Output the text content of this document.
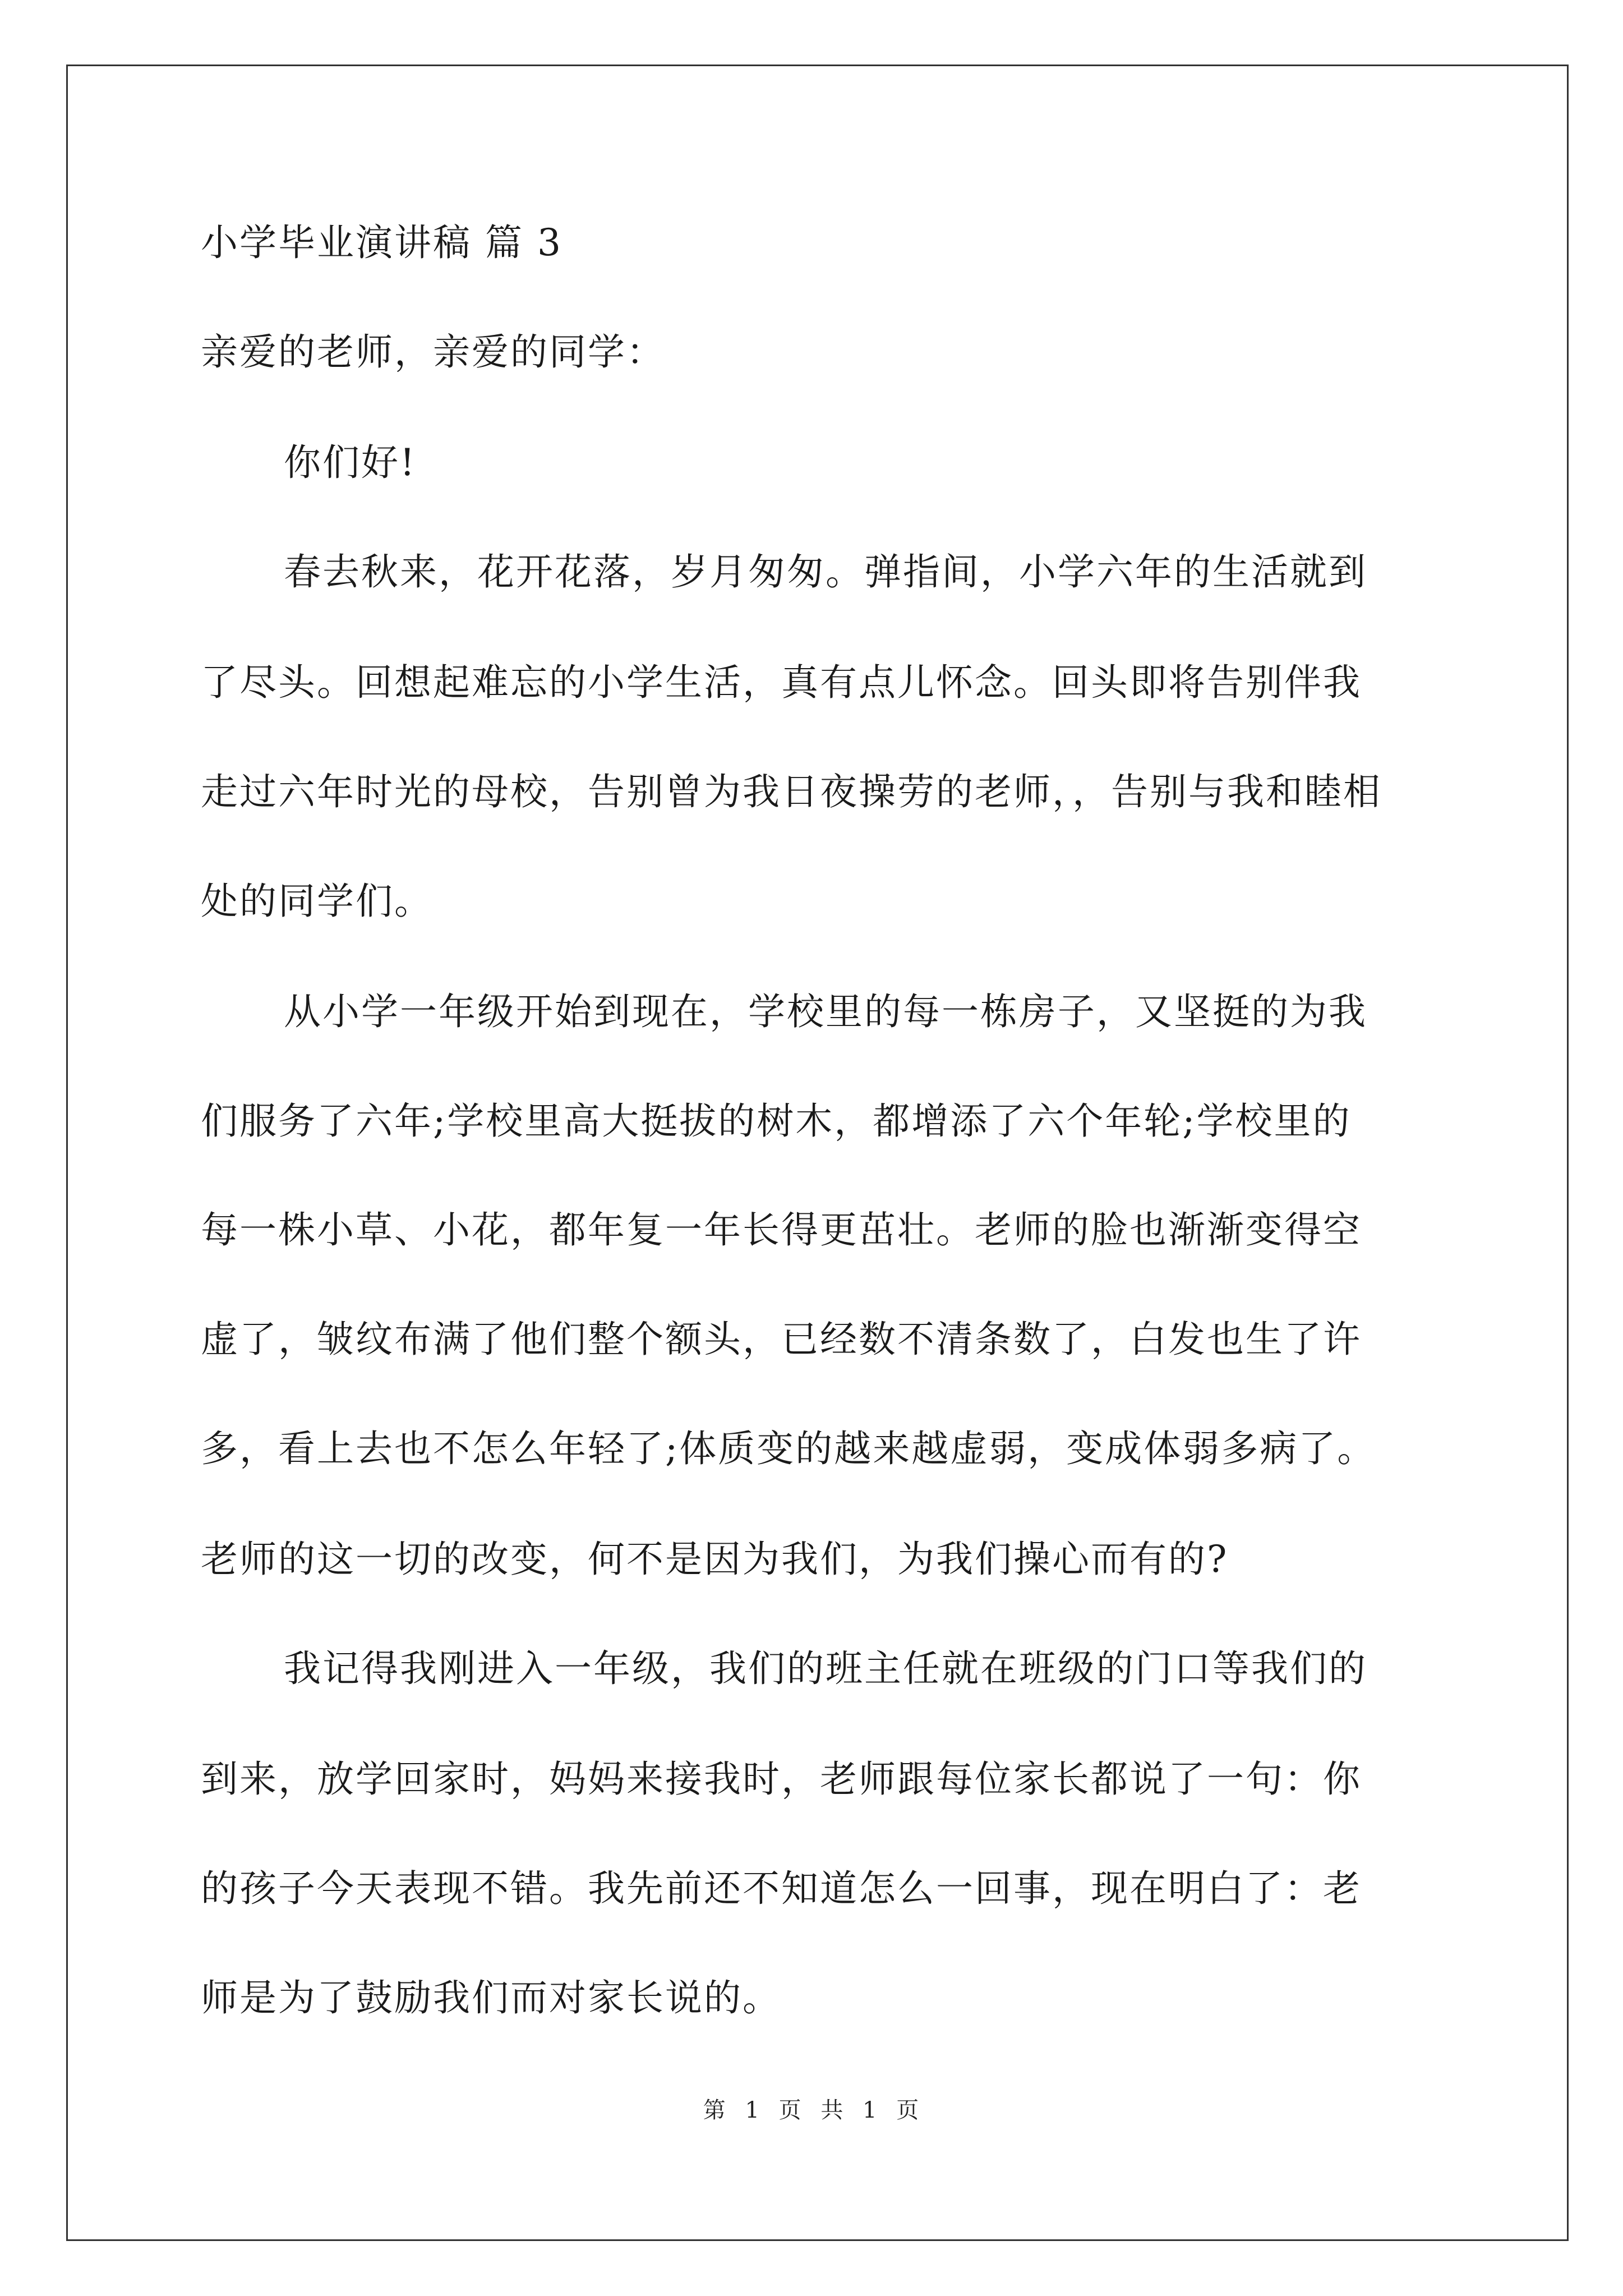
小学毕业演讲稿 篇 3
亲爱的老师，亲爱的同学：
你们好!
春去秋来，花开花落，岁月匆匆。弹指间，小学六年的生活就到
了尽头。回想起难忘的小学生活，真有点儿怀念。回头即将告别伴我
走过六年时光的母校，告别曾为我日夜操劳的老师，，告别与我和睦相
处的同学们。
从小学一年级开始到现在，学校里的每一栋房子，又坚挺的为我
们服务了六年;学校里高大挺拔的树木，都增添了六个年轮;学校里的
每一株小草、小花，都年复一年长得更茁壮。老师的脸也渐渐变得空
虚了，皱纹布满了他们整个额头，已经数不清条数了，白发也生了许
多，看上去也不怎么年轻了;体质变的越来越虚弱，变成体弱多病了。
老师的这一切的改变，何不是因为我们，为我们操心而有的?
我记得我刚进入一年级，我们的班主任就在班级的门口等我们的
到来，放学回家时，妈妈来接我时，老师跟每位家长都说了一句：你
的孩子今天表现不错。我先前还不知道怎么一回事，现在明白了：老
师是为了鼓励我们而对家长说的。
第 1 页 共 1 页
